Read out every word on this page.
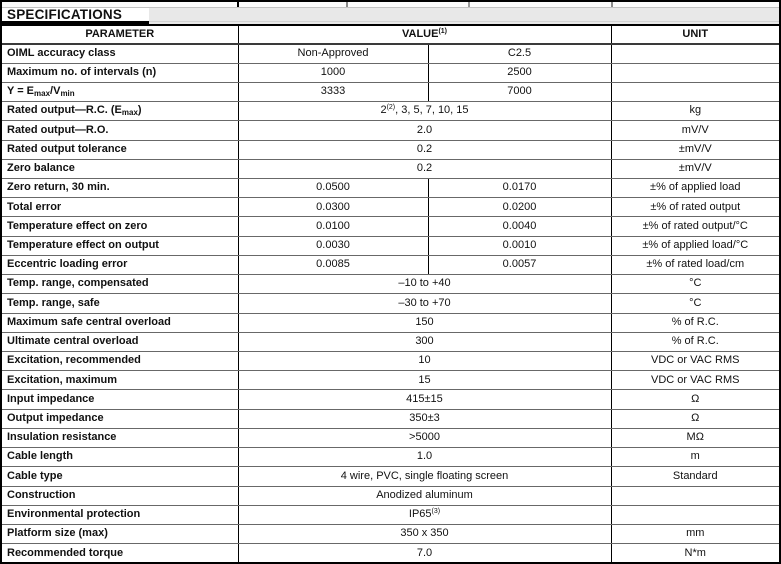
SPECIFICATIONS
PARAMETER	VALUE$^{(1)}$		UNIT
OIML accuracy class	Non-Approved	C2.5	
Maximum no. of intervals (n)	1000	2500	
$Y = E_{max}/V_{min}$	3333	7000	
Rated output—R.C. $(E_{max})$	2$^{(2)}$, 3, 5, 7, 10, 15		kg
Rated output—R.O.	2.0		mV/V
Rated output tolerance	0.2		±mV/V
Zero balance	0.2		±mV/V
Zero return, 30 min.	0.0500	0.0170	±% of applied load
Total error	0.0300	0.0200	±% of rated output
Temperature effect on zero	0.0100	0.0040	±% of rated output/°C
Temperature effect on output	0.0030	0.0010	±% of applied load/°C
Eccentric loading error	0.0085	0.0057	±% of rated load/cm
Temp. range, compensated	–10 to +40		°C
Temp. range, safe	–30 to +70		°C
Maximum safe central overload	150		% of R.C.
Ultimate central overload	300		% of R.C.
Excitation, recommended	10		VDC or VAC RMS
Excitation, maximum	15		VDC or VAC RMS
Input impedance	415±15		Ω
Output impedance	350±3		Ω
Insulation resistance	>5000		MΩ
Cable length	1.0		m
Cable type	4 wire, PVC, single floating screen		Standard
Construction	Anodized aluminum		
Environmental protection	IP65$^{(3)}$	
Platform size (max)	350 x 350		mm
Recommended torque	7.0		N*m
